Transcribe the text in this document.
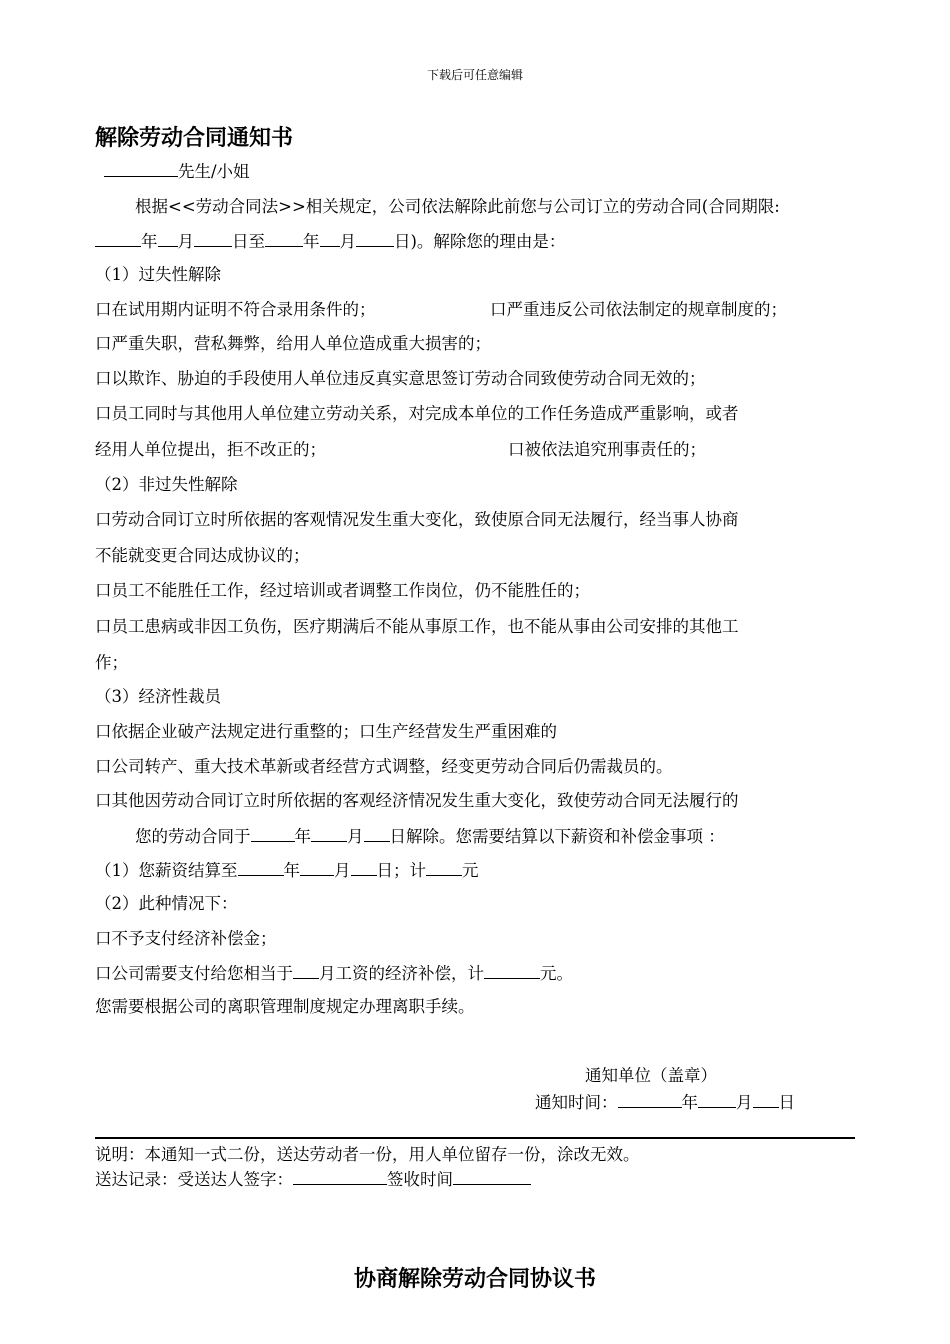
下载后可任意编辑
解除劳动合同通知书
先生/小姐
根据<<劳动合同法>>相关规定，公司依法解除此前您与公司订立的劳动合同(合同期限:
年 月 日至 年 月 日)。解除您的理由是：
（1）过失性解除
口在试用期内证明不符合录用条件的；	口严重违反公司依法制定的规章制度的；
口严重失职，营私舞弊，给用人单位造成重大损害的；
口以欺诈、胁迫的手段使用人单位违反真实意思签订劳动合同致使劳动合同无效的；
口员工同时与其他用人单位建立劳动关系，对完成本单位的工作任务造成严重影响，或者
经用人单位提出，拒不改正的；	口被依法追究刑事责任的；
（2）非过失性解除
口劳动合同订立时所依据的客观情况发生重大变化，致使原合同无法履行，经当事人协商
不能就变更合同达成协议的；
口员工不能胜任工作，经过培训或者调整工作岗位，仍不能胜任的；
口员工患病或非因工负伤，医疗期满后不能从事原工作，也不能从事由公司安排的其他工
作；
（3）经济性裁员
口依据企业破产法规定进行重整的；口生产经营发生严重困难的
口公司转产、重大技术革新或者经营方式调整，经变更劳动合同后仍需裁员的。
口其他因劳动合同订立时所依据的客观经济情况发生重大变化，致使劳动合同无法履行的
您的劳动合同于	年 月 日解除。您需要结算以下薪资和补偿金事项 ：
（1）您薪资结算至	年 月 日；计 元
（2）此种情况下：
口不予支付经济补偿金；
口公司需要支付给您相当于 月工资的经济补偿，计	元。
您需要根据公司的离职管理制度规定办理离职手续。
通知单位（盖章）
通知时间：	年 月 日
说明：本通知一式二份，送达劳动者一份，用人单位留存一份，涂改无效。
送达记录：受送达人签字：	签收时间
协商解除劳动合同协议书
